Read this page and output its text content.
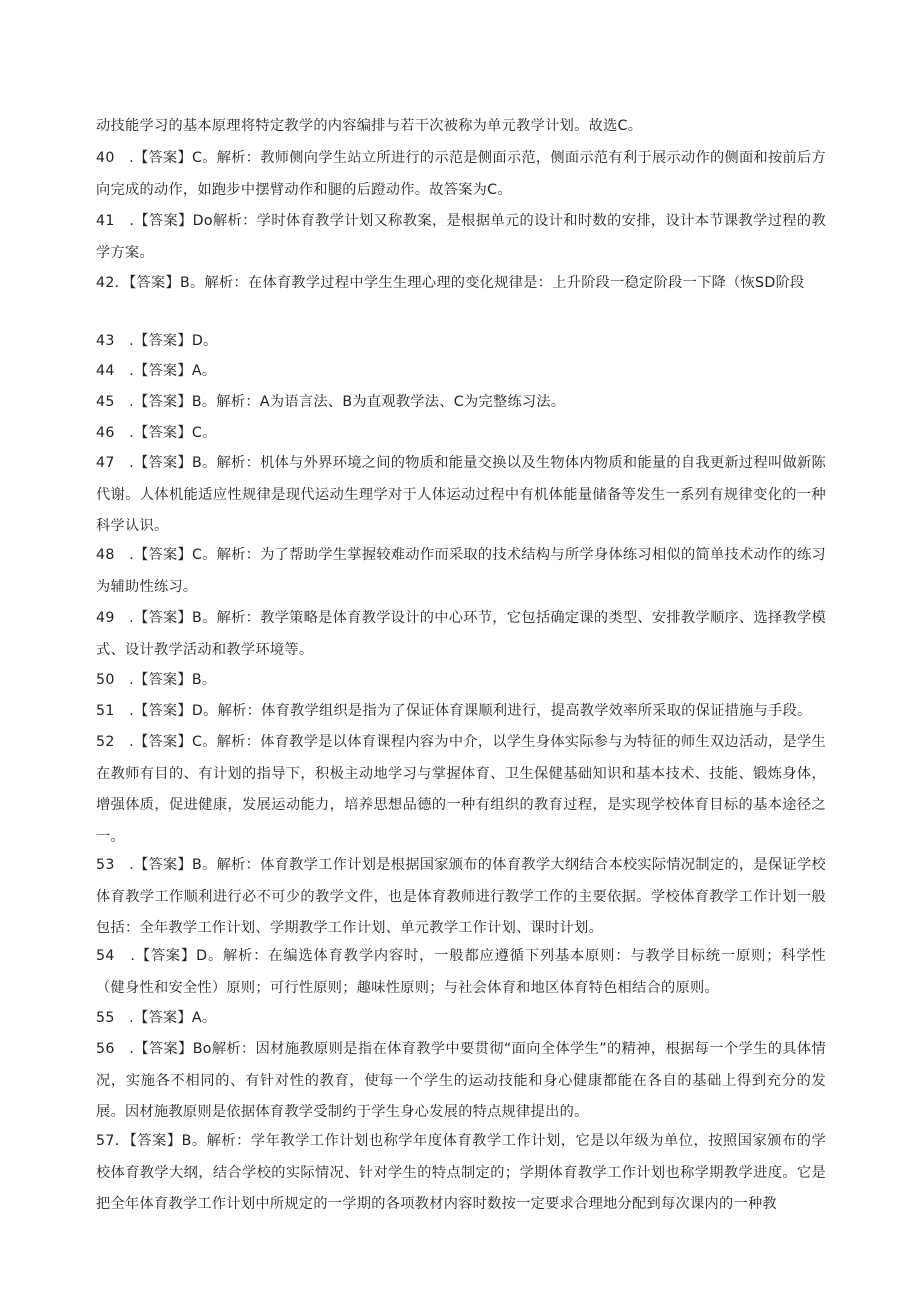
动技能学习的基本原理将特定教学的内容编排与若干次被称为单元教学计划。故选C。

40　.【答案】C。解析：教师侧向学生站立所进行的示范是侧面示范，侧面示范有利于展示动作的侧面和按前后方向完成的动作，如跑步中摆臂动作和腿的后蹬动作。故答案为C。

41　.【答案】Do解析：学时体育教学计划又称教案，是根据单元的设计和时数的安排，设计本节课教学过程的教学方案。

42．【答案】B。解析：在体育教学过程中学生生理心理的变化规律是：上升阶段一稳定阶段一下降（恢SD阶段

43　.【答案】D。

44　.【答案】A。

45　.【答案】B。解析：A为语言法、B为直观教学法、C为完整练习法。

46　.【答案】C。

47　.【答案】B。解析：机体与外界环境之间的物质和能量交换以及生物体内物质和能量的自我更新过程叫做新陈代谢。人体机能适应性规律是现代运动生理学对于人体运动过程中有机体能量储备等发生一系列有规律变化的一种科学认识。

48　.【答案】C。解析：为了帮助学生掌握较难动作而采取的技术结构与所学身体练习相似的简单技术动作的练习为辅助性练习。

49　.【答案】B。解析：教学策略是体育教学设计的中心环节，它包括确定课的类型、安排教学顺序、选择教学模式、设计教学活动和教学环境等。

50　.【答案】B。

51　.【答案】D。解析：体育教学组织是指为了保证体育课顺利进行，提高教学效率所采取的保证措施与手段。

52　.【答案】C。解析：体育教学是以体育课程内容为中介，以学生身体实际参与为特征的师生双边活动，是学生在教师有目的、有计划的指导下，积极主动地学习与掌握体育、卫生保健基础知识和基本技术、技能、锻炼身体，增强体质，促进健康，发展运动能力，培养思想品德的一种有组织的教育过程，是实现学校体育目标的基本途径之一。

53　.【答案】B。解析：体育教学工作计划是根据国家颁布的体育教学大纲结合本校实际情况制定的，是保证学校体育教学工作顺利进行必不可少的教学文件，也是体育教师进行教学工作的主要依据。学校体育教学工作计划一般包括：全年教学工作计划、学期教学工作计划、单元教学工作计划、课时计划。

54　.【答案】D。解析：在编选体育教学内容时，一般都应遵循下列基本原则：与教学目标统一原则；科学性（健身性和安全性）原则；可行性原则；趣味性原则；与社会体育和地区体育特色相结合的原则。

55　.【答案】A。

56　.【答案】Bo解析：因材施教原则是指在体育教学中要贯彻“面向全体学生”的精神，根据每一个学生的具体情况，实施各不相同的、有针对性的教育，使每一个学生的运动技能和身心健康都能在各自的基础上得到充分的发展。因材施教原则是依据体育教学受制约于学生身心发展的特点规律提出的。

57．【答案】B。解析：学年教学工作计划也称学年度体育教学工作计划，它是以年级为单位，按照国家颁布的学校体育教学大纲，结合学校的实际情况、针对学生的特点制定的；学期体育教学工作计划也称学期教学进度。它是把全年体育教学工作计划中所规定的一学期的各项教材内容时数按一定要求合理地分配到每次课内的一种教
